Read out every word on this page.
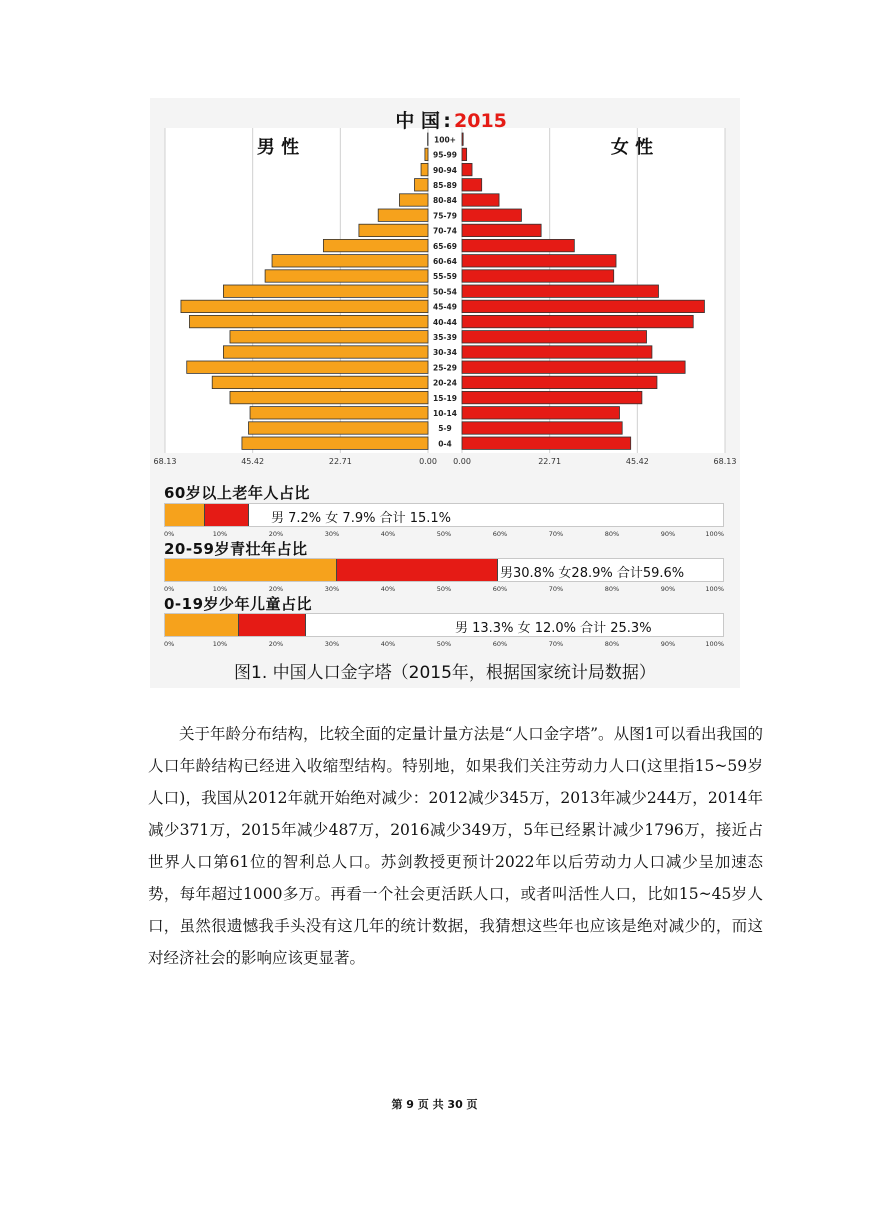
中 国 : 2015
男 性	女 性
100+
95-99
90-94
85-89
80-84
75-79
70-74
65-69
60-64
55-59
50-54
45-49
40-44
35-39
30-34
25-29
20-24
15-19
10-14
5-9
0-4
68.13	45.42	22.71	0.00 0.00	22.71	45.42	68.13
60岁以上老年人占比
男 7.2% 女 7.9% 合计 15.1%
0%	10%	20%	30%	40%	50%	60%	70%	80%	90%	100%
20-59岁青壮年占比
男30.8% 女28.9% 合计59.6%
0%	10%	20%	30%	40%	50%	60%	70%	80%	90%	100%
0-19岁少年儿童占比
男 13.3% 女 12.0% 合计 25.3%
0%	10%	20%	30%	40%	50%	60%	70%	80%	90%	100%
图1. 中国人口金字塔（2015年，根据国家统计局数据）

关于年龄分布结构，比较全面的定量计量方法是“人口金字塔”。从图1可以看出我国的人口年龄结构已经进入收缩型结构。特别地，如果我们关注劳动力人口(这里指15~59岁人口)，我国从2012年就开始绝对减少：2012减少345万，2013年减少244万，2014年减少371万，2015年减少487万，2016减少349万，5年已经累计减少1796万，接近占世界人口第61位的智利总人口。苏剑教授更预计2022年以后劳动力人口减少呈加速态势，每年超过1000多万。再看一个社会更活跃人口，或者叫活性人口，比如15~45岁人口，虽然很遗憾我手头没有这几年的统计数据，我猜想这些年也应该是绝对减少的，而这对经济社会的影响应该更显著。

第 9 页 共 30 页
